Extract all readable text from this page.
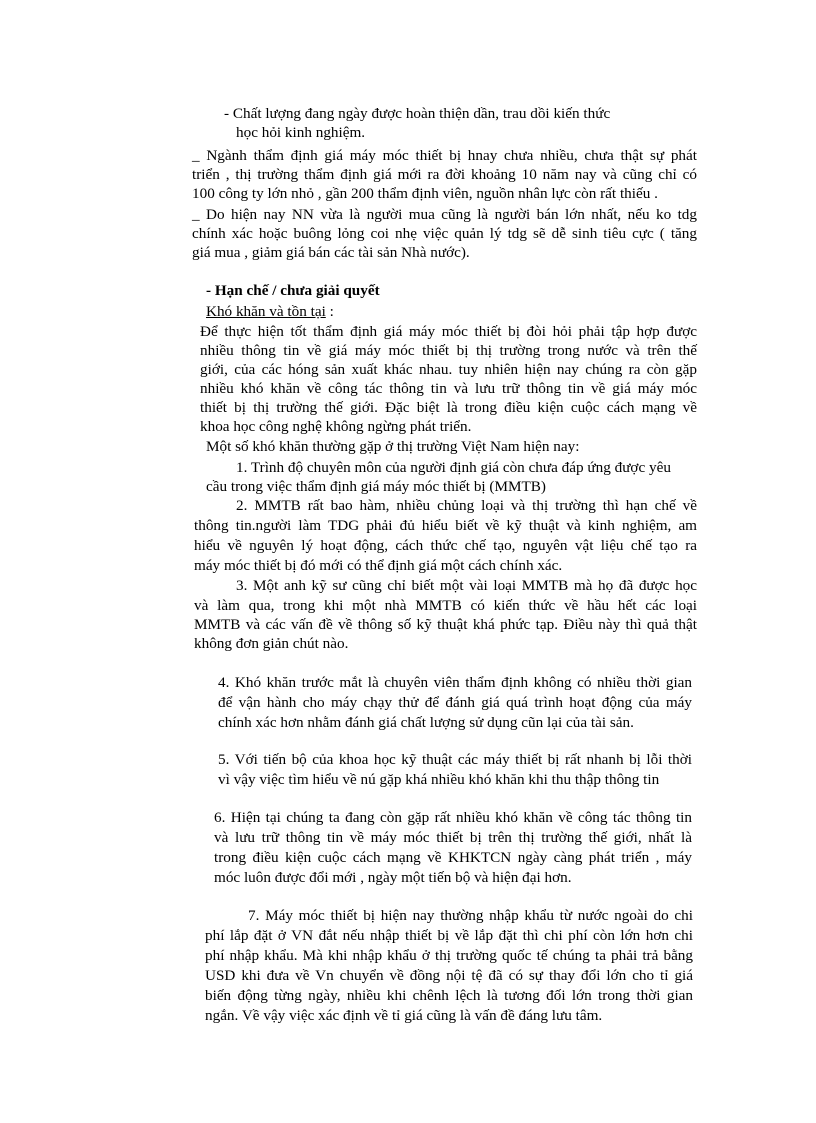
- Chất lượng đang ngày được hoàn thiện dần, trau dồi kiến thức
học hỏi kinh nghiệm.
_ Ngành thẩm định giá máy móc thiết bị hnay chưa nhiều, chưa thật sự phát
triển , thị trường thẩm định giá mới ra đời khoảng 10 năm nay và cũng chỉ có
100 công ty lớn nhỏ , gần 200 thẩm định viên, nguồn nhân lực còn rất thiếu .
_ Do hiện nay NN vừa là người mua cũng là người bán lớn nhất, nếu ko tdg
chính xác hoặc buông lỏng coi nhẹ việc quản lý tdg sẽ dễ sinh tiêu cực ( tăng
giá mua , giảm giá bán các tài sản Nhà nước).
- Hạn chế / chưa giải quyết
Khó khăn và tồn tại :
Để thực hiện tốt thẩm định giá máy móc thiết bị đòi hỏi phải tập hợp được
nhiều thông tin về giá máy móc thiết bị thị trường trong nước và trên thế
giới, của các hóng sản xuất khác nhau. tuy nhiên hiện nay chúng ra còn gặp
nhiều khó khăn về công tác thông tin và lưu trữ thông tin về giá máy móc
thiết bị thị trường thế giới. Đặc biệt là trong điều kiện cuộc cách mạng về
khoa học công nghệ không ngừng phát triển.
Một số khó khăn thường gặp ở thị trường Việt Nam hiện nay:
1. Trình độ chuyên môn của người định giá còn chưa đáp ứng được yêu
cầu trong việc thẩm định giá máy móc thiết bị (MMTB)
2. MMTB rất bao hàm, nhiều chủng loại và thị trường thì hạn chế về
thông tin.người làm TDG phải đủ hiểu biết về kỹ thuật và kinh nghiệm, am
hiểu về nguyên lý hoạt động, cách thức chế tạo, nguyên vật liệu chế tạo ra
máy móc thiết bị đó mới có thể định giá một cách chính xác.
3. Một anh kỹ sư cũng chỉ biết một vài loại MMTB mà họ đã được học
và làm qua, trong khi một nhà MMTB có kiến thức về hầu hết các loại
MMTB và các vấn đề về thông số kỹ thuật khá phức tạp. Điều này thì quả thật
không đơn giản chút nào.
4. Khó khăn trước mắt là chuyên viên thẩm định không có nhiều thời gian
để vận hành cho máy chạy thử để đánh giá quá trình hoạt động của máy
chính xác hơn nhằm đánh giá chất lượng sử dụng cũn lại của tài sản.
5. Với tiến bộ của khoa học kỹ thuật các máy thiết bị rất nhanh bị lỗi thời
vì vậy việc tìm hiểu về nú gặp khá nhiều khó khăn khi thu thập thông tin
6. Hiện tại chúng ta đang còn gặp rất nhiều khó khăn về công tác thông tin
và lưu trữ thông tin về máy móc thiết bị trên thị trường thế giới, nhất là
trong điều kiện cuộc cách mạng về KHKTCN ngày càng phát triển , máy
móc luôn được đổi mới , ngày một tiến bộ và hiện đại hơn.
7. Máy móc thiết bị hiện nay thường nhập khẩu từ nước ngoài do chi
phí lắp đặt ở VN đắt nếu nhập thiết bị về lắp đặt thì chi phí còn lớn hơn chi
phí nhập khẩu. Mà khi nhập khẩu ở thị trường quốc tế chúng ta phải trả bằng
USD khi đưa về Vn chuyển về đồng nội tệ đã có sự thay đổi lớn cho tỉ giá
biến động từng ngày, nhiều khi chênh lệch là tương đối lớn trong thời gian
ngắn. Về vậy việc xác định về tỉ giá cũng là vấn đề đáng lưu tâm.
